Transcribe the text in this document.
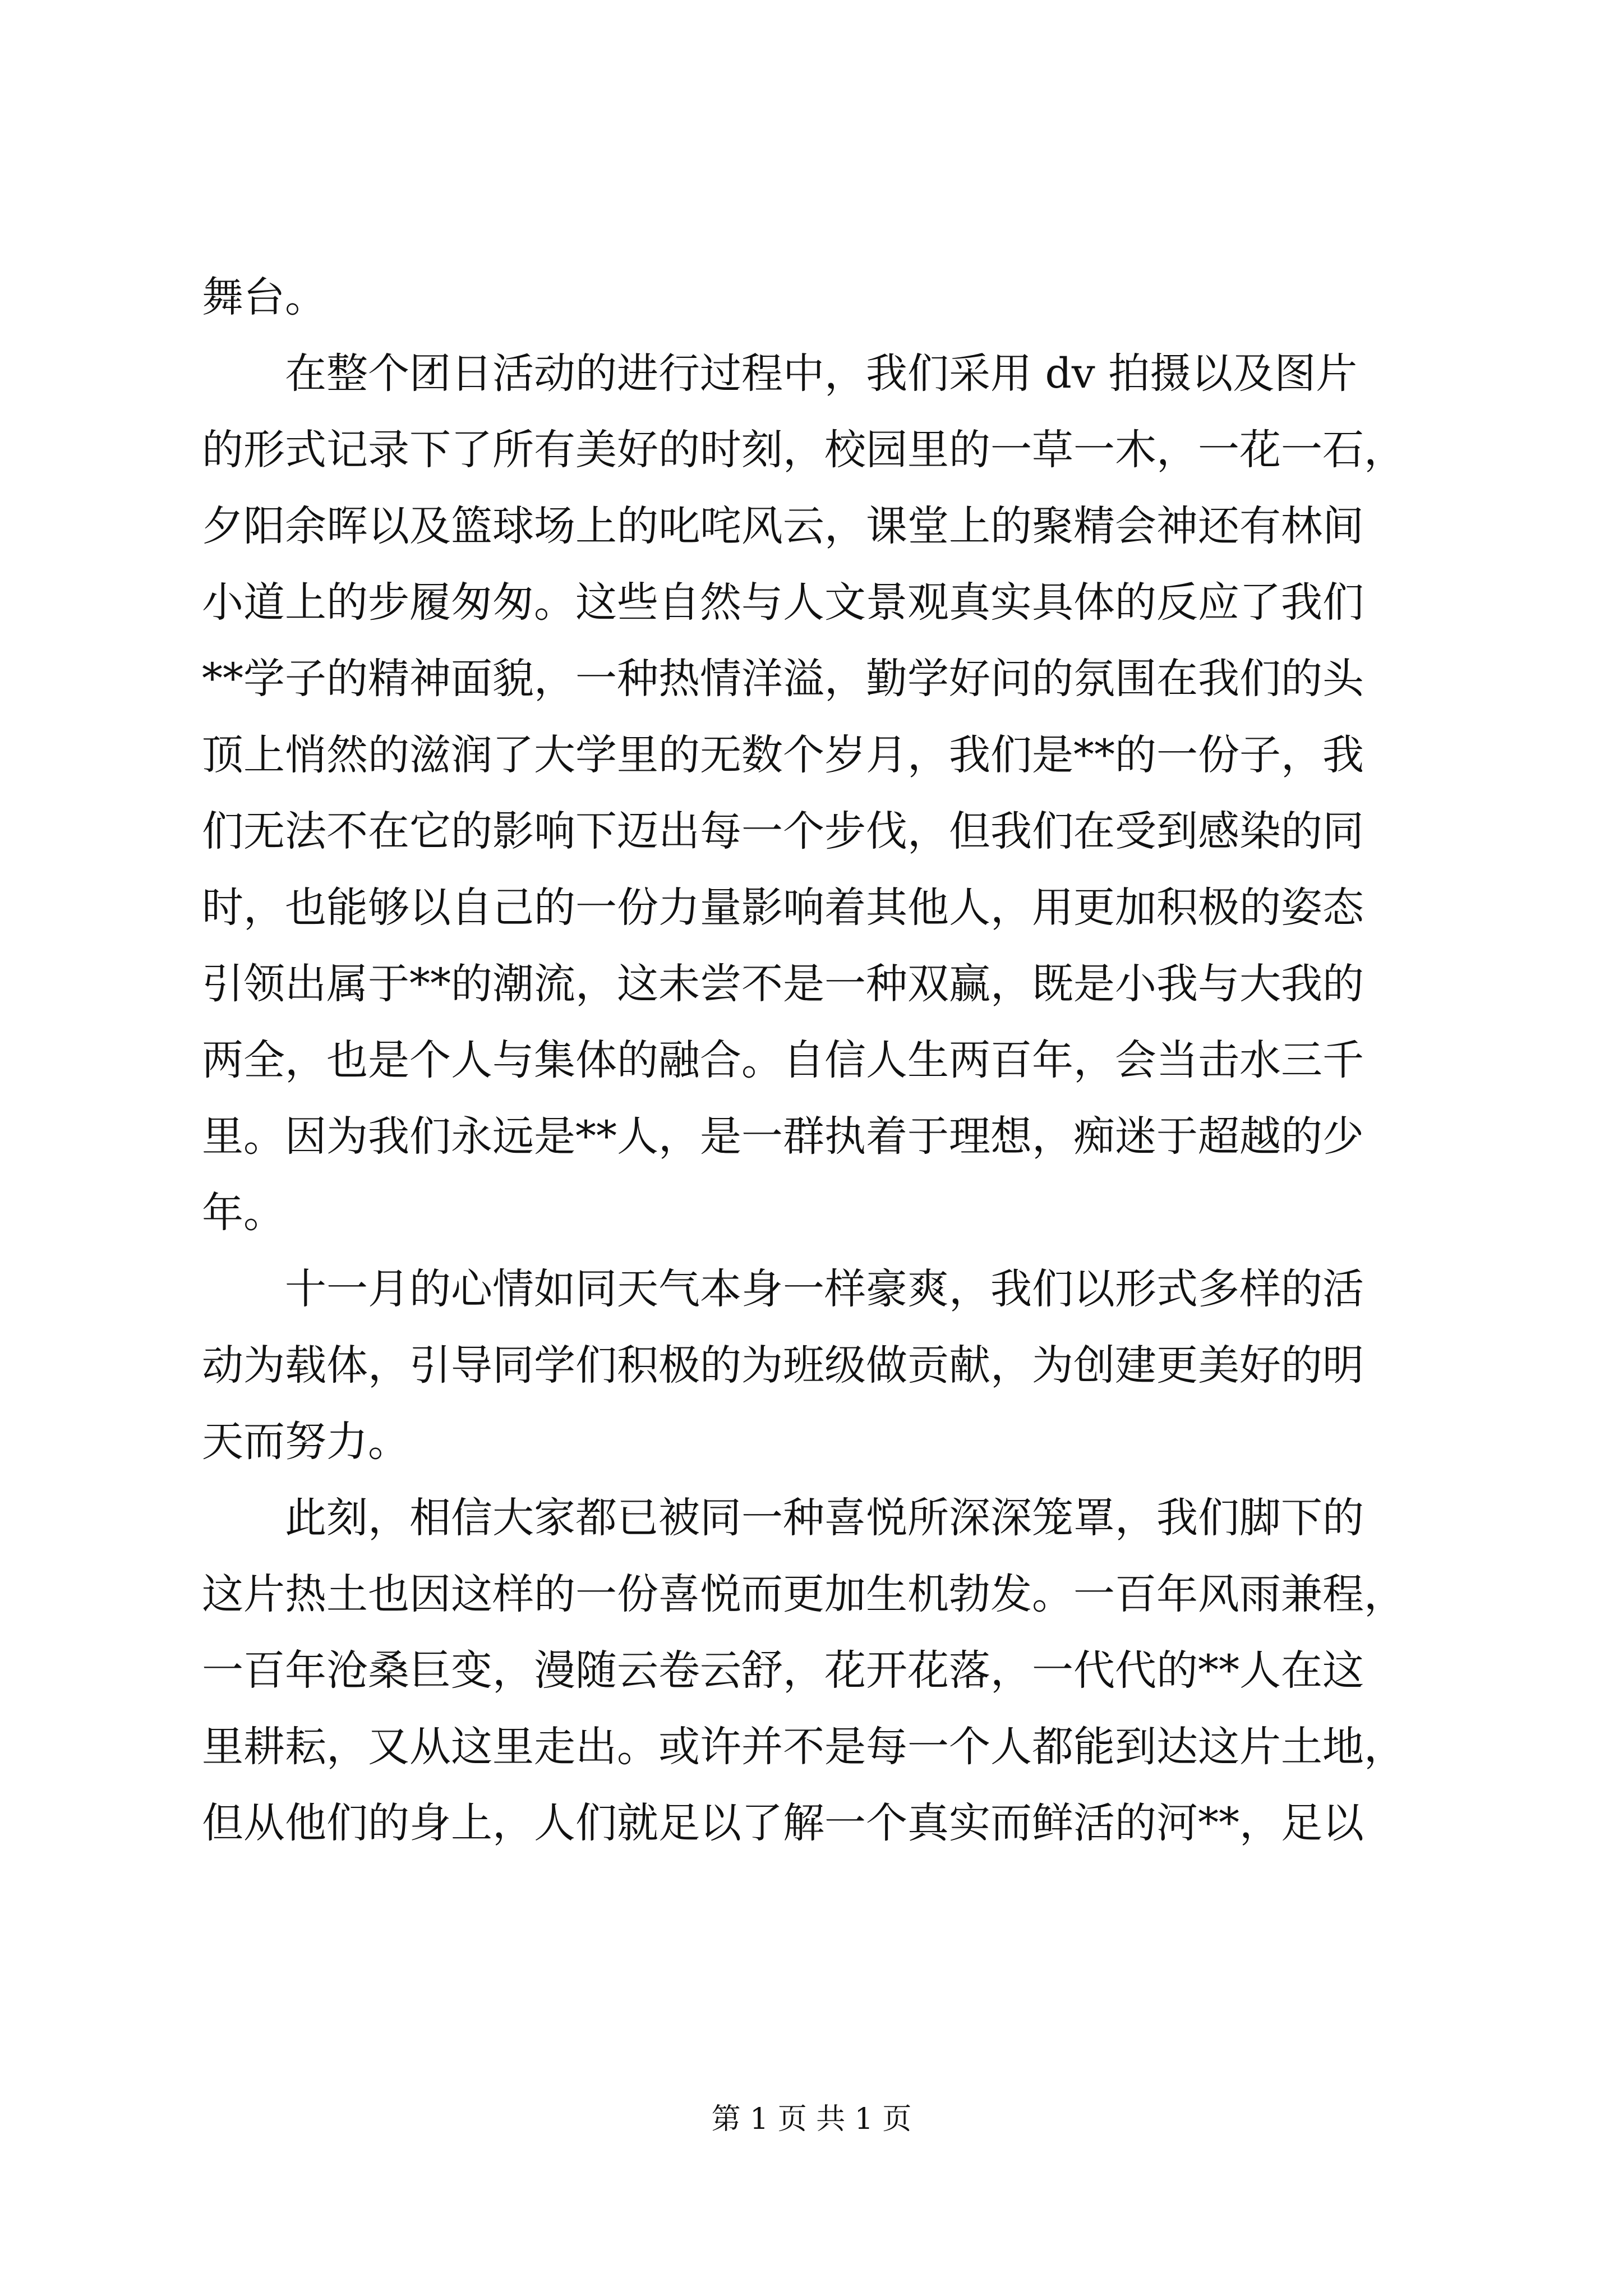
舞台。
　　在整个团日活动的进行过程中，我们采用 dv 拍摄以及图片
的形式记录下了所有美好的时刻，校园里的一草一木，一花一石，
夕阳余晖以及篮球场上的叱咤风云，课堂上的聚精会神还有林间
小道上的步履匆匆。这些自然与人文景观真实具体的反应了我们
**学子的精神面貌，一种热情洋溢，勤学好问的氛围在我们的头
顶上悄然的滋润了大学里的无数个岁月，我们是**的一份子，我
们无法不在它的影响下迈出每一个步伐，但我们在受到感染的同
时，也能够以自己的一份力量影响着其他人，用更加积极的姿态
引领出属于**的潮流，这未尝不是一种双赢，既是小我与大我的
两全，也是个人与集体的融合。自信人生两百年，会当击水三千
里。因为我们永远是**人，是一群执着于理想，痴迷于超越的少
年。
　　十一月的心情如同天气本身一样豪爽，我们以形式多样的活
动为载体，引导同学们积极的为班级做贡献，为创建更美好的明
天而努力。
　　此刻，相信大家都已被同一种喜悦所深深笼罩，我们脚下的
这片热土也因这样的一份喜悦而更加生机勃发。一百年风雨兼程，
一百年沧桑巨变，漫随云卷云舒，花开花落，一代代的**人在这
里耕耘，又从这里走出。或许并不是每一个人都能到达这片土地，
但从他们的身上，人们就足以了解一个真实而鲜活的河**，足以
第 1 页 共 1 页
